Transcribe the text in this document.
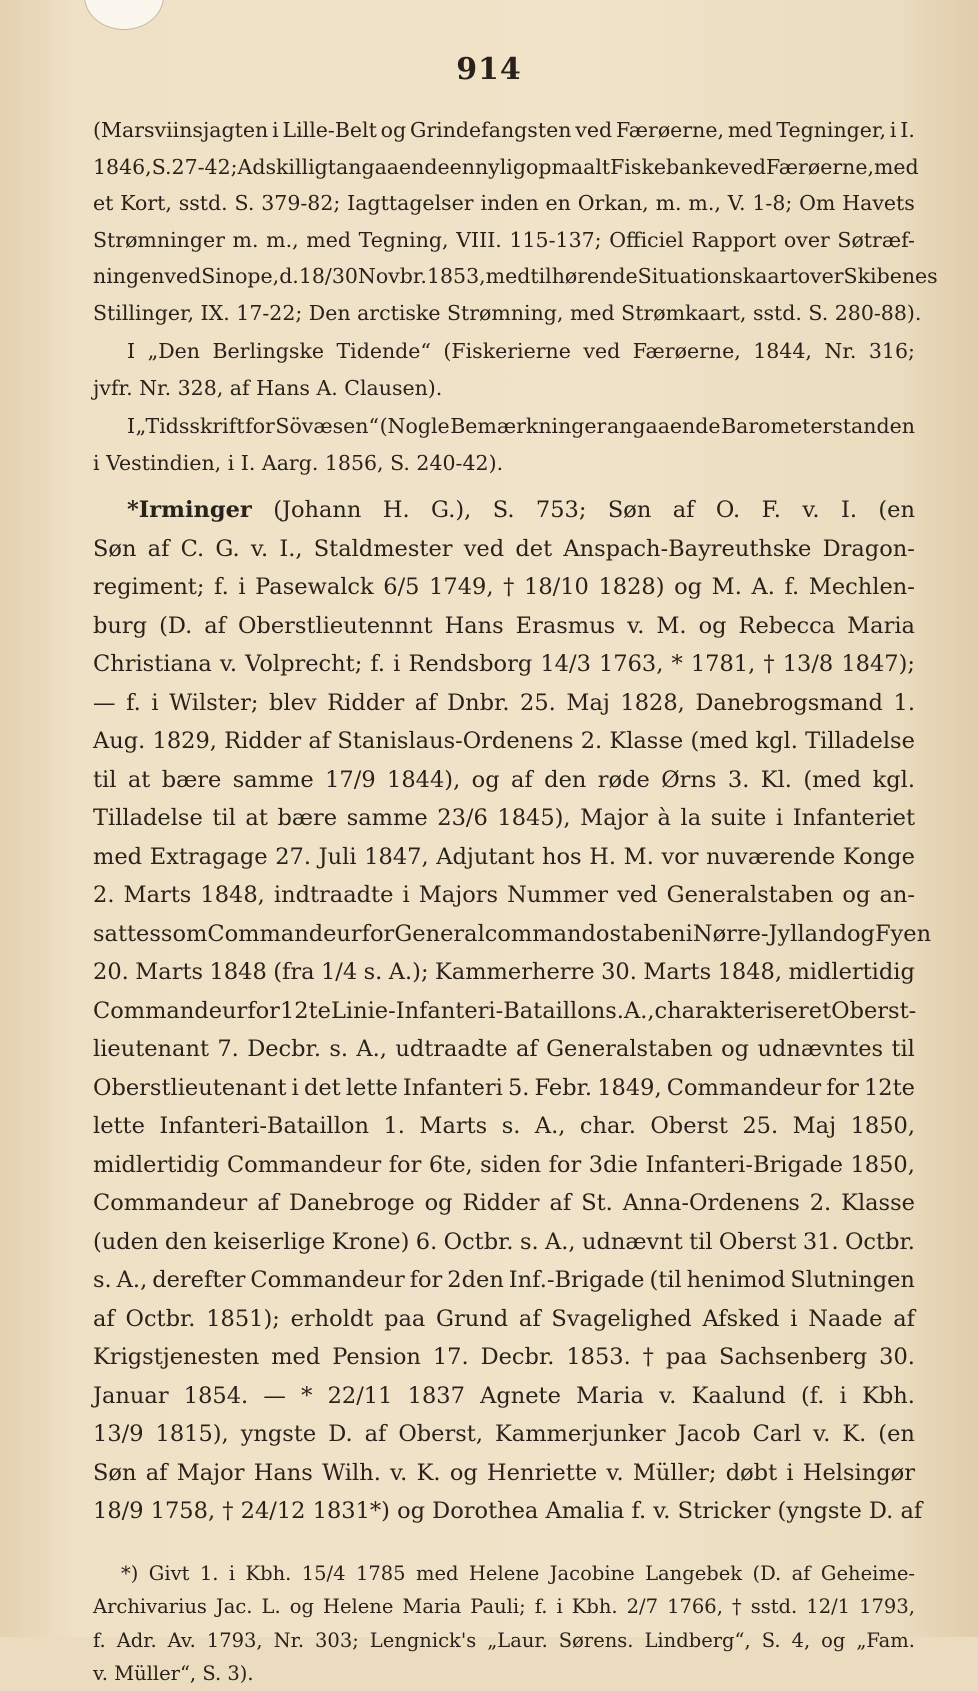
914
(Marsviinsjagten i Lille-Belt og Grindefangsten ved Færøerne, med Tegninger, i I.
1846, S. 27-42; Adskilligt angaaende en nylig opmaalt Fiskebanke ved Færøerne, med
et Kort, sstd. S. 379-82; Iagttagelser inden en Orkan, m. m., V. 1-8; Om Havets
Strømninger m. m., med Tegning, VIII. 115-137; Officiel Rapport over Søtræf-
ningen ved Sinope, d. 18/30 Novbr. 1853, med tilhørende Situationskaart over Skibenes
Stillinger, IX. 17-22; Den arctiske Strømning, med Strømkaart, sstd. S. 280-88).
I „Den Berlingske Tidende“ (Fiskerierne ved Færøerne, 1844, Nr. 316;
jvfr. Nr. 328, af Hans A. Clausen).
I „Tidsskrift for Sövæsen“ (Nogle Bemærkninger angaaende Barometerstanden
i Vestindien, i I. Aarg. 1856, S. 240-42).
*Irminger (Johann H. G.), S. 753; Søn af O. F. v. I. (en
Søn af C. G. v. I., Staldmester ved det Anspach-Bayreuthske Dragon-
regiment; f. i Pasewalck 6/5 1749, † 18/10 1828) og M. A. f. Mechlen-
burg (D. af Oberstlieutennnt Hans Erasmus v. M. og Rebecca Maria
Christiana v. Volprecht; f. i Rendsborg 14/3 1763, * 1781, † 13/8 1847);
— f. i Wilster; blev Ridder af Dnbr. 25. Maj 1828, Danebrogsmand 1.
Aug. 1829, Ridder af Stanislaus-Ordenens 2. Klasse (med kgl. Tilladelse
til at bære samme 17/9 1844), og af den røde Ørns 3. Kl. (med kgl.
Tilladelse til at bære samme 23/6 1845), Major à la suite i Infanteriet
med Extragage 27. Juli 1847, Adjutant hos H. M. vor nuværende Konge
2. Marts 1848, indtraadte i Majors Nummer ved Generalstaben og an-
sattes som Commandeur for Generalcommandostaben i Nørre-Jylland og Fyen
20. Marts 1848 (fra 1/4 s. A.); Kammerherre 30. Marts 1848, midlertidig
Commandeur for 12te Linie-Infanteri-Bataillon s. A., charakteriseret Oberst-
lieutenant 7. Decbr. s. A., udtraadte af Generalstaben og udnævntes til
Oberstlieutenant i det lette Infanteri 5. Febr. 1849, Commandeur for 12te
lette Infanteri-Bataillon 1. Marts s. A., char. Oberst 25. Maj 1850,
midlertidig Commandeur for 6te, siden for 3die Infanteri-Brigade 1850,
Commandeur af Danebroge og Ridder af St. Anna-Ordenens 2. Klasse
(uden den keiserlige Krone) 6. Octbr. s. A., udnævnt til Oberst 31. Octbr.
s. A., derefter Commandeur for 2den Inf.-Brigade (til henimod Slutningen
af Octbr. 1851); erholdt paa Grund af Svagelighed Afsked i Naade af
Krigstjenesten med Pension 17. Decbr. 1853. † paa Sachsenberg 30.
Januar 1854. — * 22/11 1837 Agnete Maria v. Kaalund (f. i Kbh.
13/9 1815), yngste D. af Oberst, Kammerjunker Jacob Carl v. K. (en
Søn af Major Hans Wilh. v. K. og Henriette v. Müller; døbt i Helsingør
18/9 1758, † 24/12 1831*) og Dorothea Amalia f. v. Stricker (yngste D. af
*) Givt 1. i Kbh. 15/4 1785 med Helene Jacobine Langebek (D. af Geheime-
Archivarius Jac. L. og Helene Maria Pauli; f. i Kbh. 2/7 1766, † sstd. 12/1 1793,
f. Adr. Av. 1793, Nr. 303; Lengnick's „Laur. Sørens. Lindberg“, S. 4, og „Fam.
v. Müller“, S. 3).
